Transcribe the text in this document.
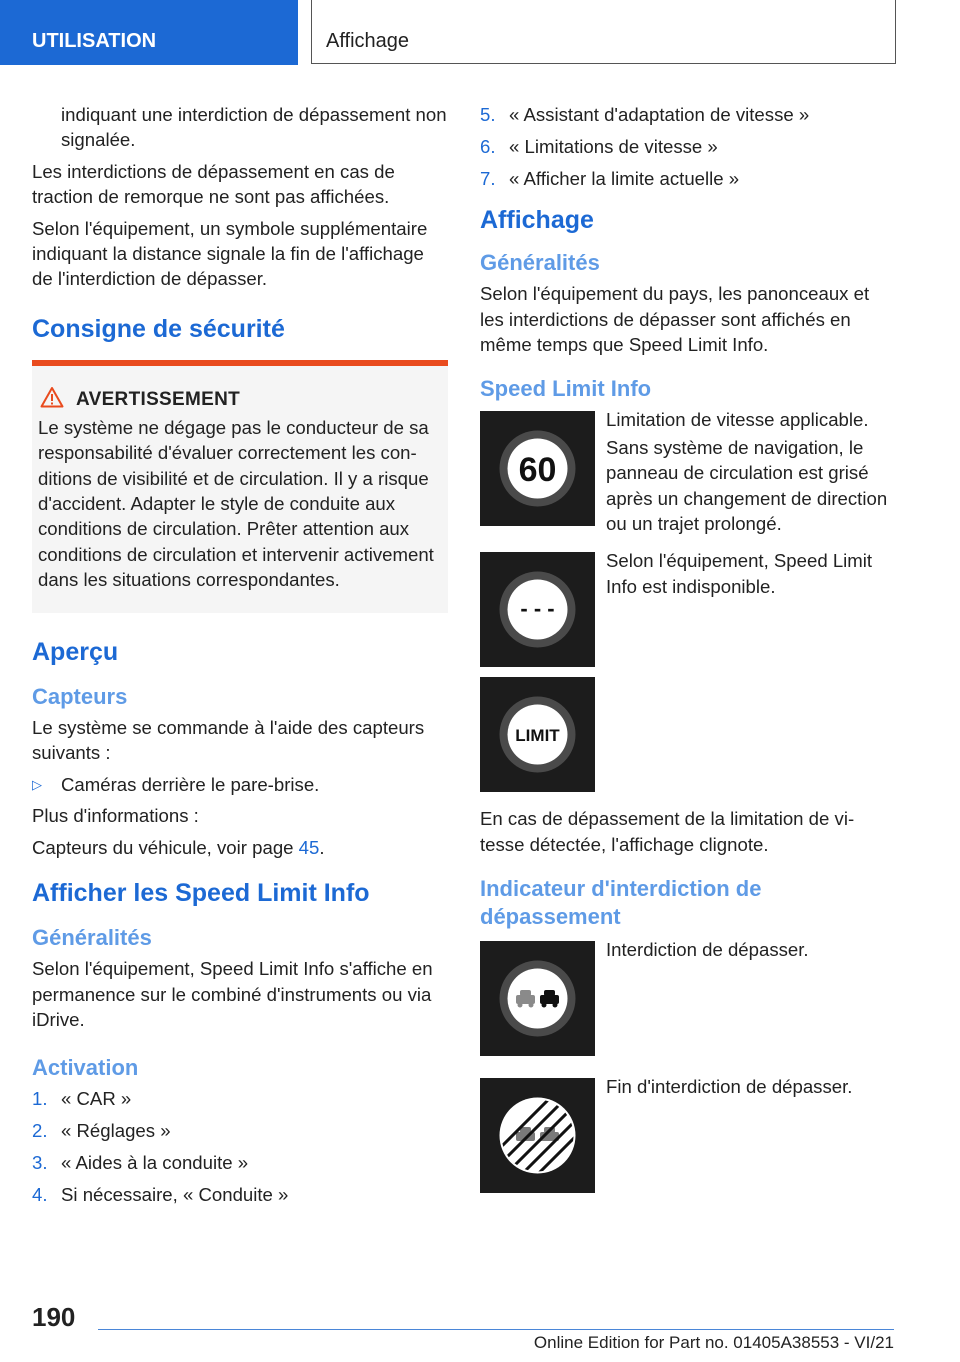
UTILISATION	Affichage

indiquant une interdiction de dépassement non signalée.

Les interdictions de dépassement en cas de traction de remorque ne sont pas affichées.

Selon l'équipement, un symbole supplémentaire indiquant la distance signale la fin de l'affichage de l'interdiction de dépasser.

Consigne de sécurité
AVERTISSEMENT

Le système ne dégage pas le conducteur de sa responsabilité d'évaluer correctement les conditions de visibilité et de circulation. Il y a risque d'accident. Adapter le style de conduite aux conditions de circulation. Prêter attention aux conditions de circulation et intervenir activement dans les situations correspondantes.

Aperçu
Capteurs

Le système se commande à l'aide des capteurs suivants :

▷ Caméras derrière le pare-brise.

Plus d'informations :

Capteurs du véhicule, voir page 45.

Afficher les Speed Limit Info
Généralités

Selon l'équipement, Speed Limit Info s'affiche en permanence sur le combiné d'instruments ou via iDrive.

Activation
1. « CAR »
2. « Réglages »
3. « Aides à la conduite »
4. Si nécessaire, « Conduite »
5. « Assistant d'adaptation de vitesse »
6. « Limitations de vitesse »
7. « Afficher la limite actuelle »
Affichage
Généralités

Selon l'équipement du pays, les panonceaux et les interdictions de dépasser sont affichés en même temps que Speed Limit Info.

Speed Limit Info
60

Limitation de vitesse applicable.

Sans système de navigation, le panneau de circulation est grisé après un changement de direction ou un trajet prolongé.

- - -

Selon l'équipement, Speed Limit Info est indisponible.

LIMIT

En cas de dépassement de la limitation de vitesse détectée, l'affichage clignote.

Indicateur d'interdiction de dépassement

Interdiction de dépasser.

Fin d'interdiction de dépasser.

190
Online Edition for Part no. 01405A38553 - VI/21
